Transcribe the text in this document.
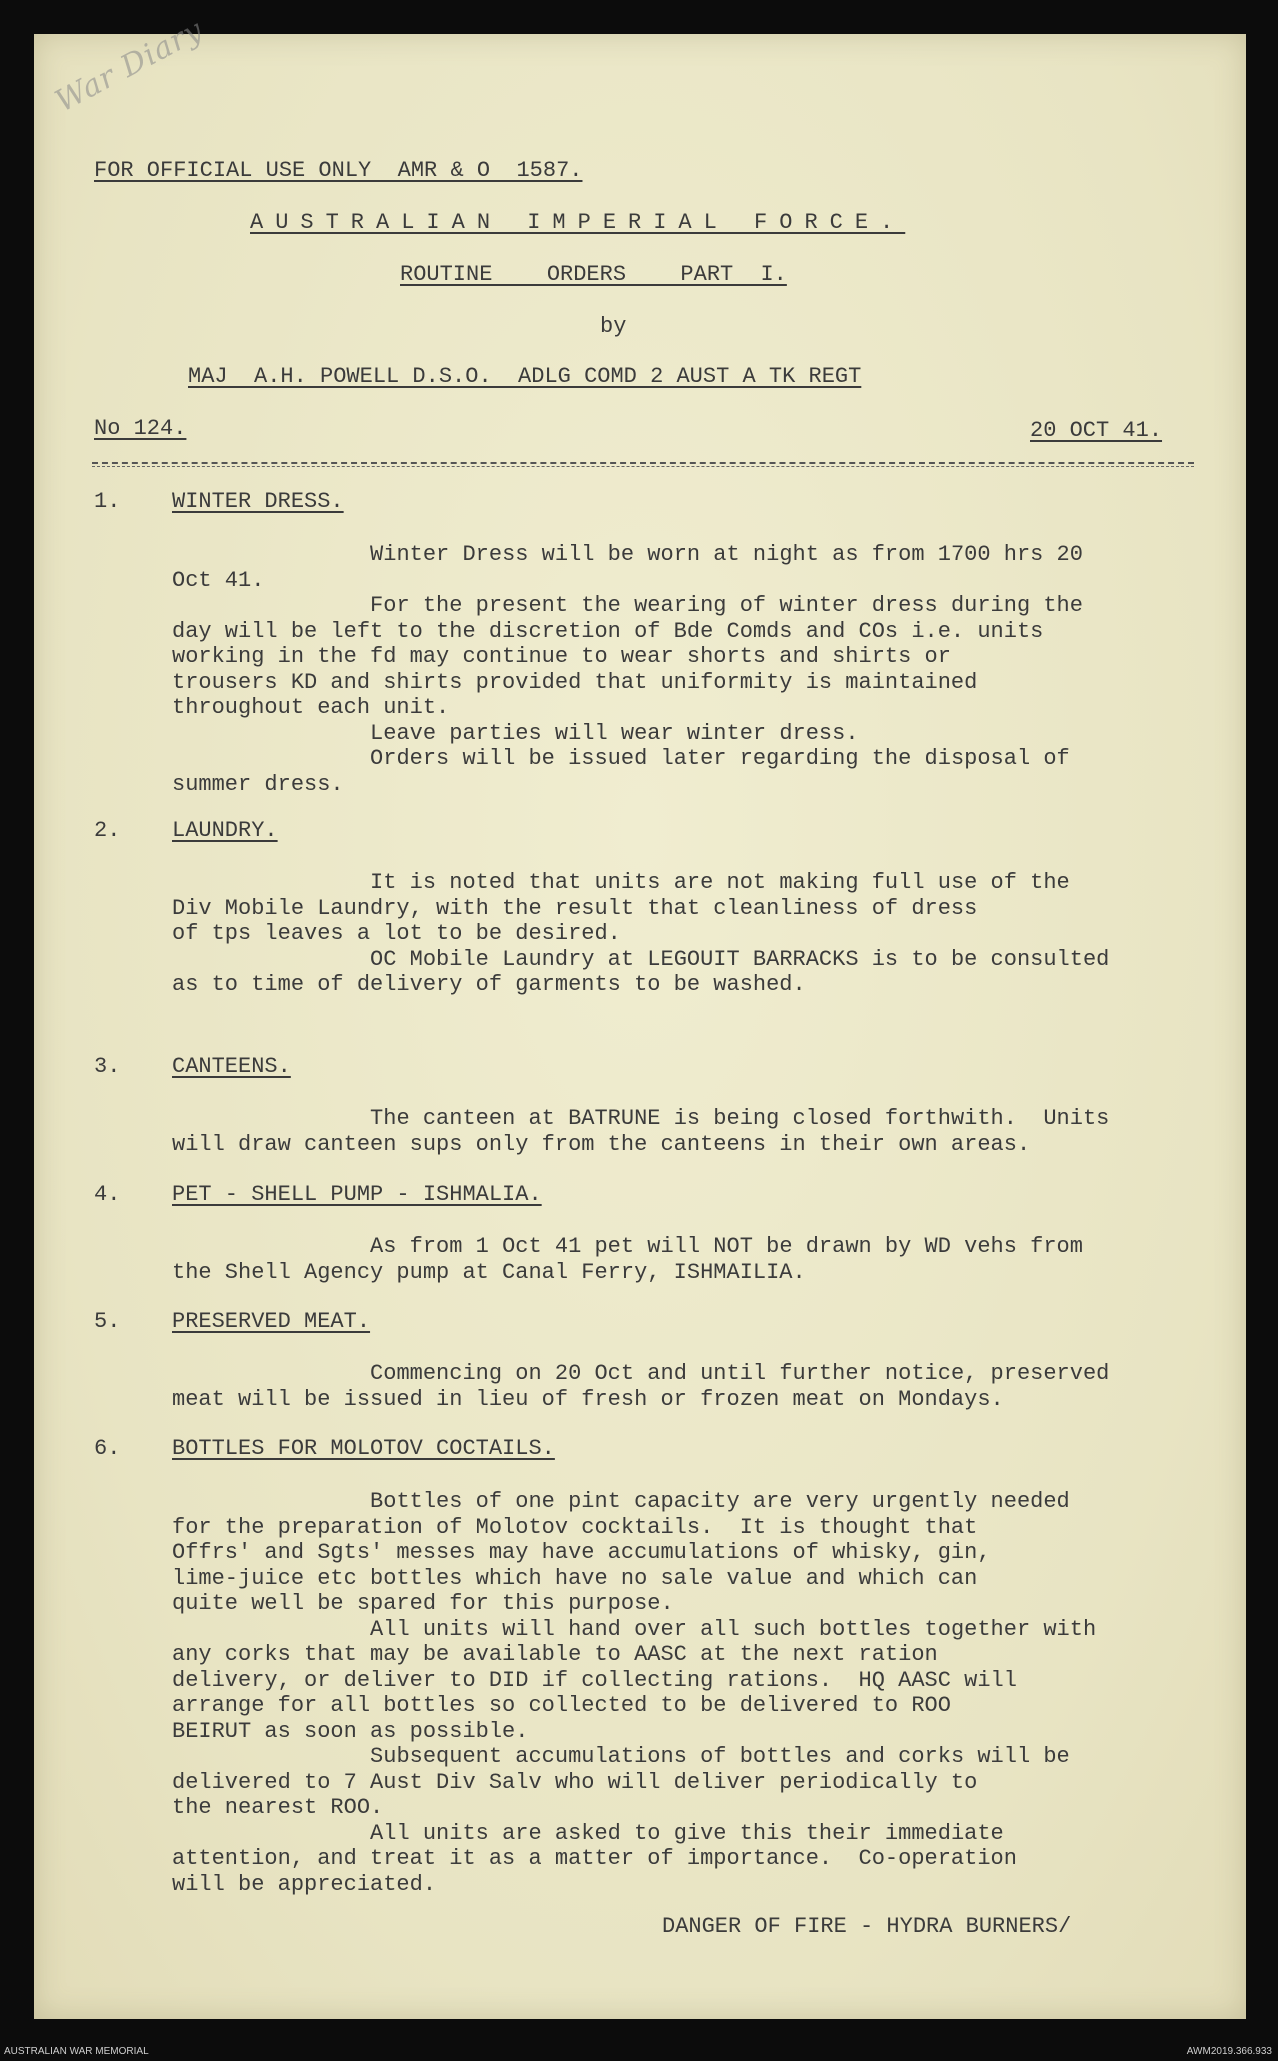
War Diary
FOR OFFICIAL USE ONLY  AMR & O  1587.
AUSTRALIAN IMPERIAL FORCE.
ROUTINE  ORDERS  PART I.
by
MAJ  A.H. POWELL D.S.O.  ADLG COMD 2 AUST A TK REGT
No 124.	20 OCT 41.
1. WINTER DRESS.

Winter Dress will be worn at night as from 1700 hrs 20

Oct 41.

For the present the wearing of winter dress during the

day will be left to the discretion of Bde Comds and COs i.e. units

working in the fd may continue to wear shorts and shirts or

trousers KD and shirts provided that uniformity is maintained

throughout each unit.

Leave parties will wear winter dress.

Orders will be issued later regarding the disposal of

summer dress.

2. LAUNDRY.

It is noted that units are not making full use of the

Div Mobile Laundry, with the result that cleanliness of dress

of tps leaves a lot to be desired.

OC Mobile Laundry at LEGOUIT BARRACKS is to be consulted

as to time of delivery of garments to be washed.

3. CANTEENS.

The canteen at BATRUNE is being closed forthwith.  Units

will draw canteen sups only from the canteens in their own areas.

4. PET - SHELL PUMP - ISHMALIA.

As from 1 Oct 41 pet will NOT be drawn by WD vehs from

the Shell Agency pump at Canal Ferry, ISHMAILIA.

5. PRESERVED MEAT.

Commencing on 20 Oct and until further notice, preserved

meat will be issued in lieu of fresh or frozen meat on Mondays.

6. BOTTLES FOR MOLOTOV COCTAILS.

Bottles of one pint capacity are very urgently needed

for the preparation of Molotov cocktails.  It is thought that

Offrs' and Sgts' messes may have accumulations of whisky, gin,

lime-juice etc bottles which have no sale value and which can

quite well be spared for this purpose.

All units will hand over all such bottles together with

any corks that may be available to AASC at the next ration

delivery, or deliver to DID if collecting rations.  HQ AASC will

arrange for all bottles so collected to be delivered to ROO

BEIRUT as soon as possible.

Subsequent accumulations of bottles and corks will be

delivered to 7 Aust Div Salv who will deliver periodically to

the nearest ROO.

All units are asked to give this their immediate

attention, and treat it as a matter of importance.  Co-operation

will be appreciated.

DANGER OF FIRE - HYDRA BURNERS/
AUSTRALIAN WAR MEMORIAL	AWM2019.366.933
